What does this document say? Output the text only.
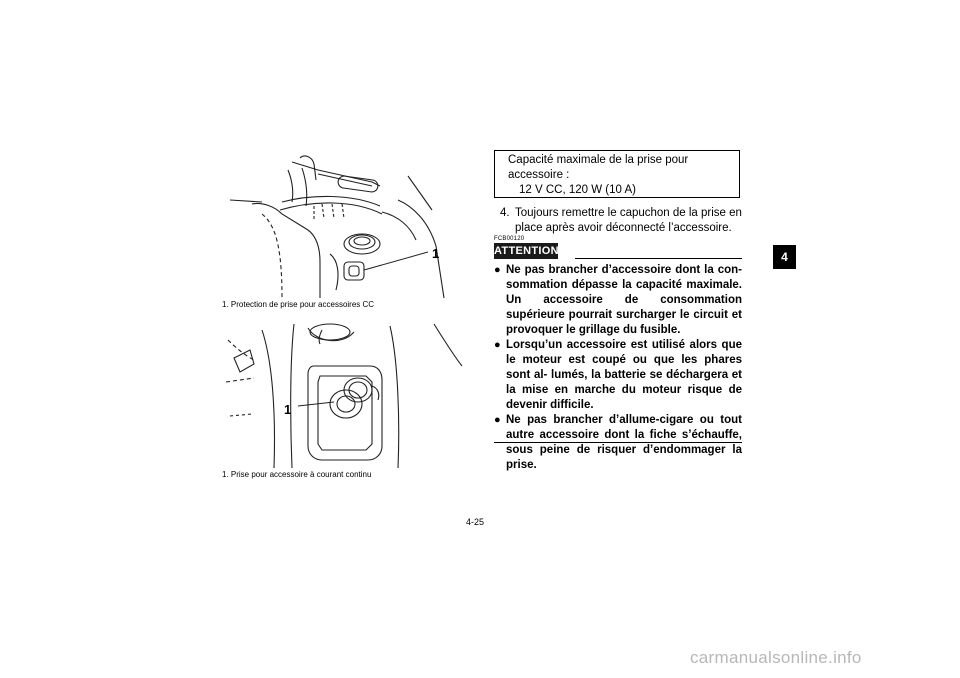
1
1. Protection de prise pour accessoires CC
1
1. Prise pour accessoire à courant continu
Capacité maximale de la prise pour
accessoire :
12 V CC, 120 W (10 A)
4. Toujours remettre le capuchon de la prise en
place après avoir déconnecté l’accessoire.
FCB00120
ATTENTION:
● Ne pas brancher d’accessoire dont la con- sommation dépasse la capacité maximale. Un accessoire de consommation supérieure pourrait surcharger le circuit et provoquer le grillage du fusible.
● Lorsqu’un accessoire est utilisé alors que le moteur est coupé ou que les phares sont al- lumés, la batterie se déchargera et la mise en marche du moteur risque de devenir difficile.
● Ne pas brancher d’allume-cigare ou tout autre accessoire dont la fiche s’échauffe, sous peine de risquer d’endommager la prise.
4
4-25
carmanualsonline.info
